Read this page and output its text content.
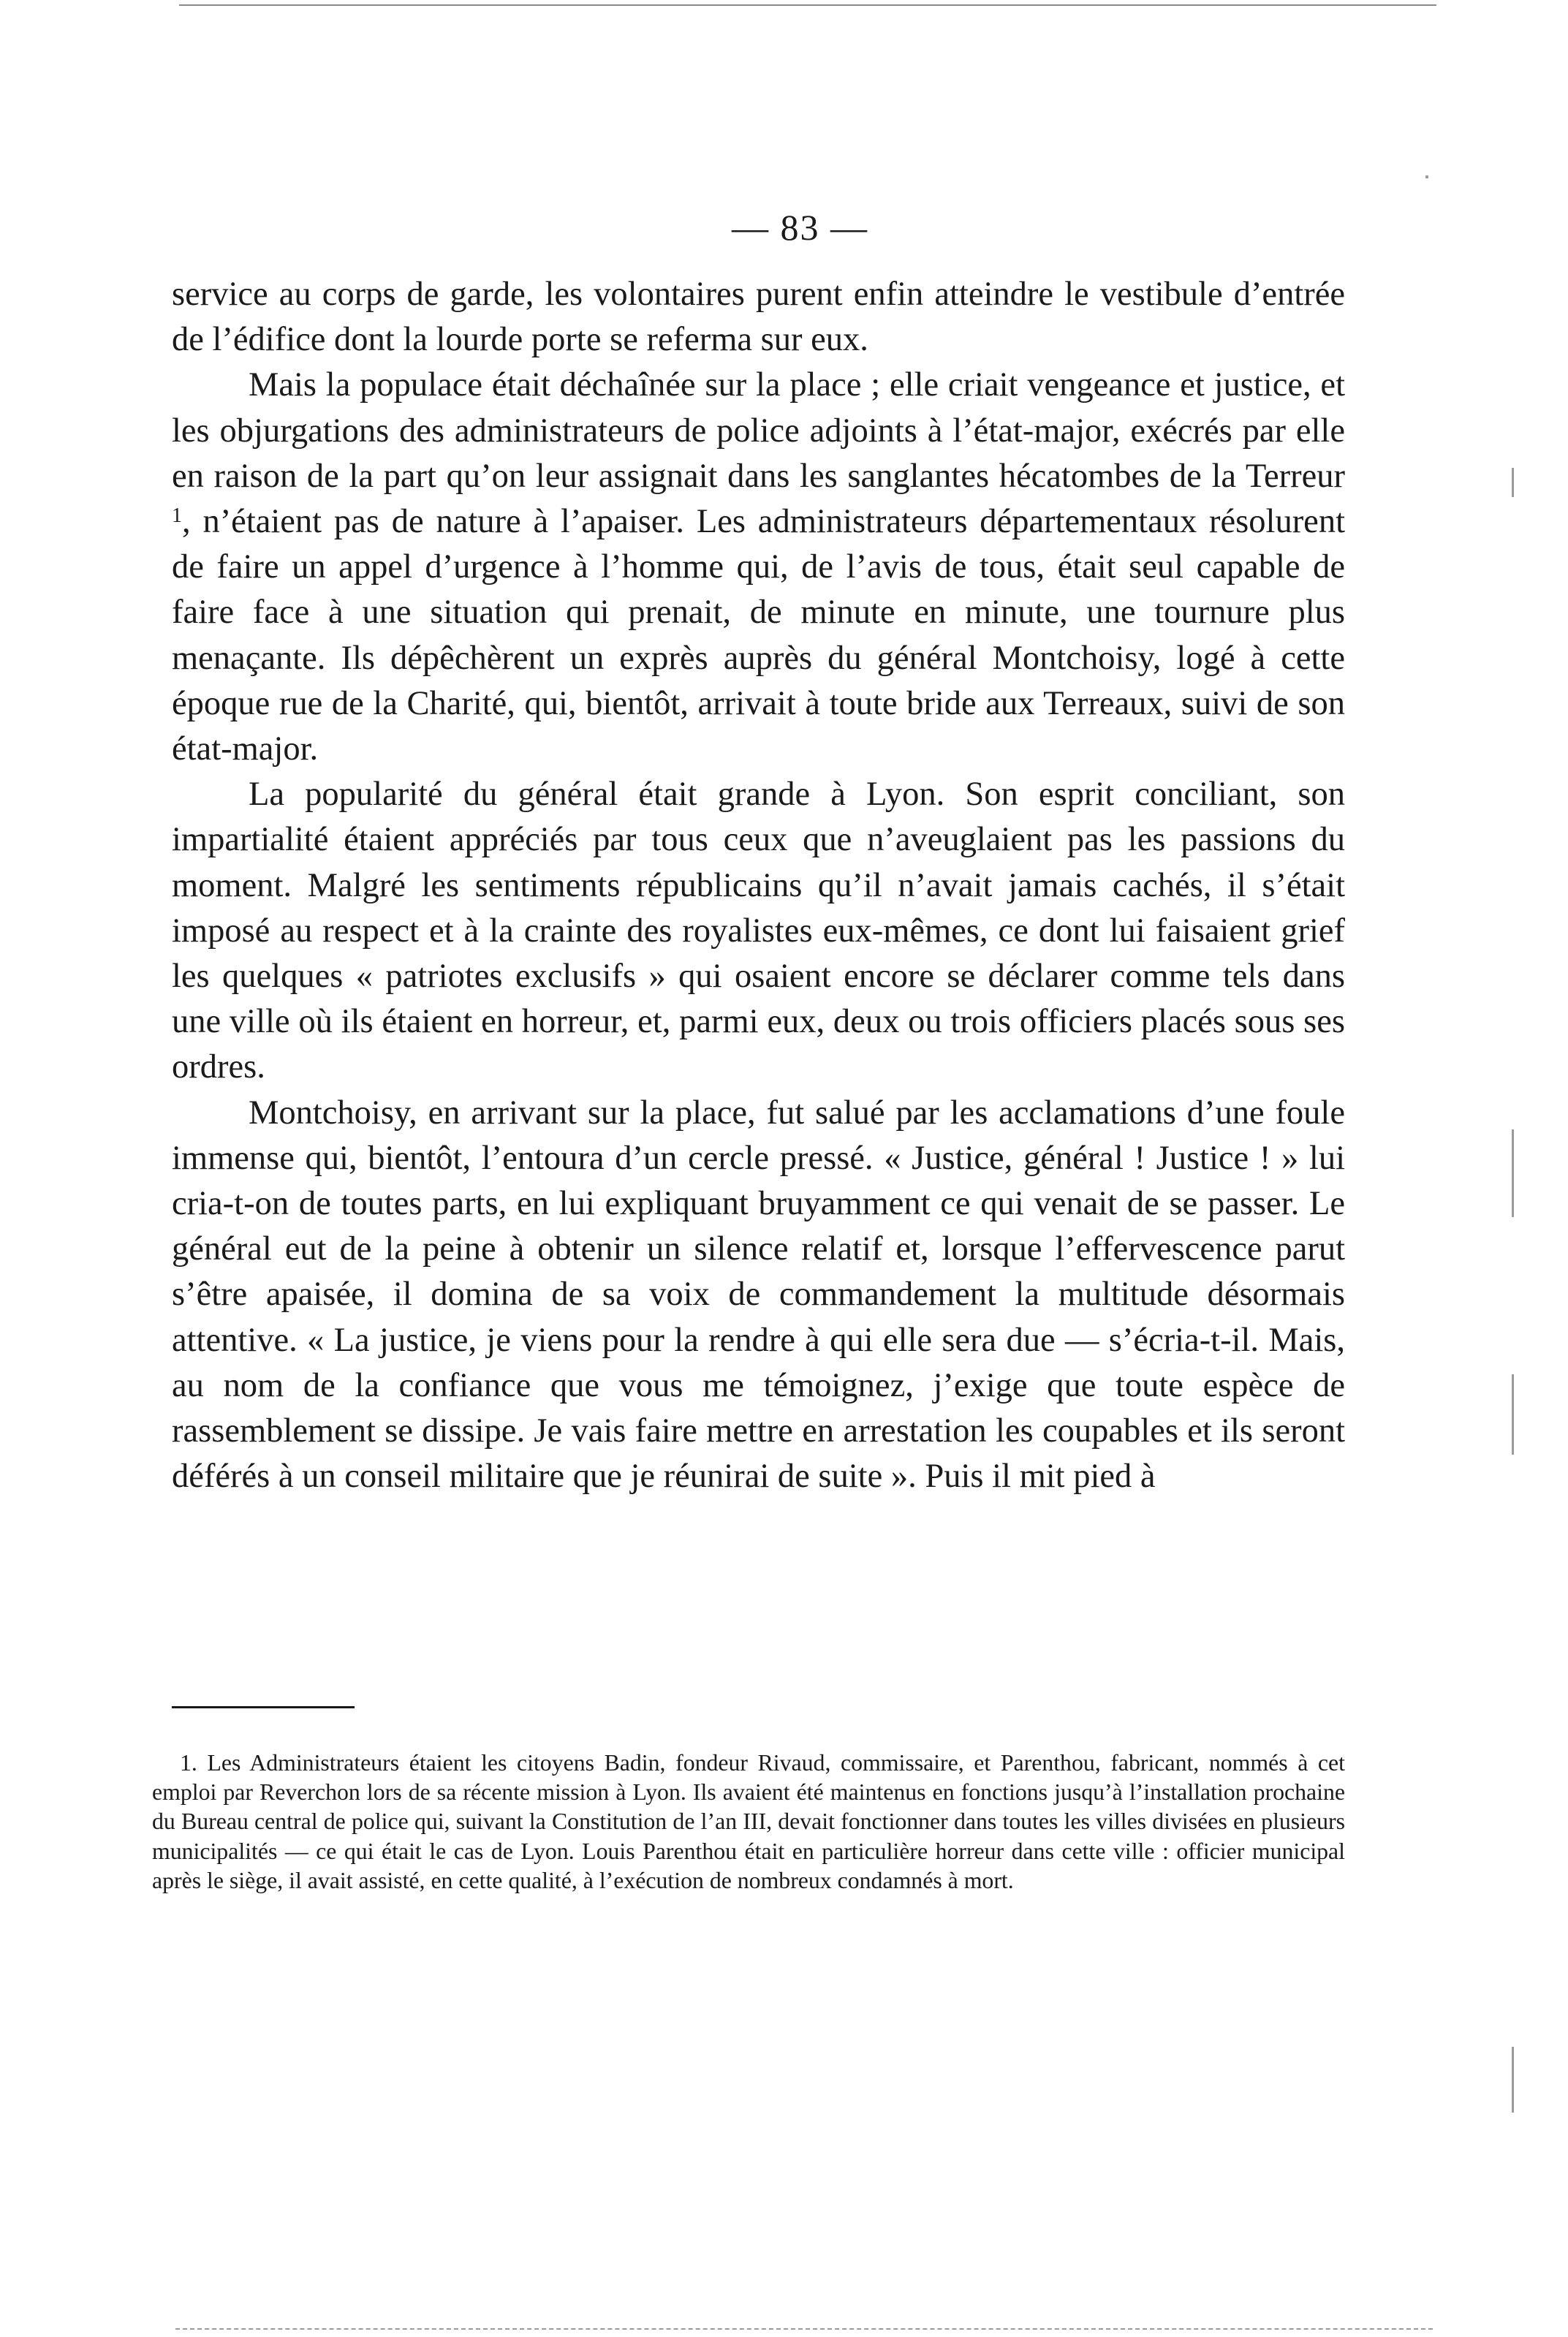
— 83 —

service au corps de garde, les volontaires purent enfin atteindre le vestibule d’entrée de l’édifice dont la lourde porte se referma sur eux.

Mais la populace était déchaînée sur la place ; elle criait vengeance et justice, et les objurgations des administrateurs de police adjoints à l’état-major, exécrés par elle en raison de la part qu’on leur assignait dans les sanglantes hécatombes de la Terreur $^1$, n’étaient pas de nature à l’apaiser. Les administrateurs départementaux résolurent de faire un appel d’urgence à l’homme qui, de l’avis de tous, était seul capable de faire face à une situation qui prenait, de minute en minute, une tournure plus menaçante. Ils dépêchèrent un exprès auprès du général Montchoisy, logé à cette époque rue de la Charité, qui, bientôt, arrivait à toute bride aux Terreaux, suivi de son état-major.

La popularité du général était grande à Lyon. Son esprit conciliant, son impartialité étaient appréciés par tous ceux que n’aveuglaient pas les passions du moment. Malgré les sentiments républicains qu’il n’avait jamais cachés, il s’était imposé au respect et à la crainte des royalistes eux-mêmes, ce dont lui faisaient grief les quelques « patriotes exclusifs » qui osaient encore se déclarer comme tels dans une ville où ils étaient en horreur, et, parmi eux, deux ou trois officiers placés sous ses ordres.

Montchoisy, en arrivant sur la place, fut salué par les acclamations d’une foule immense qui, bientôt, l’entoura d’un cercle pressé. « Justice, général ! Justice ! » lui cria-t-on de toutes parts, en lui expliquant bruyamment ce qui venait de se passer. Le général eut de la peine à obtenir un silence relatif et, lorsque l’effervescence parut s’être apaisée, il domina de sa voix de commandement la multitude désormais attentive. « La justice, je viens pour la rendre à qui elle sera due — s’écria-t-il. Mais, au nom de la confiance que vous me témoignez, j’exige que toute espèce de rassemblement se dissipe. Je vais faire mettre en arrestation les coupables et ils seront déférés à un conseil militaire que je réunirai de suite ». Puis il mit pied à

1. Les Administrateurs étaient les citoyens Badin, fondeur Rivaud, commissaire, et Parenthou, fabricant, nommés à cet emploi par Reverchon lors de sa récente mission à Lyon. Ils avaient été maintenus en fonctions jusqu’à l’installation prochaine du Bureau central de police qui, suivant la Constitution de l’an III, devait fonctionner dans toutes les villes divisées en plusieurs municipalités — ce qui était le cas de Lyon. Louis Parenthou était en particulière horreur dans cette ville : officier municipal après le siège, il avait assisté, en cette qualité, à l’exécution de nombreux condamnés à mort.
